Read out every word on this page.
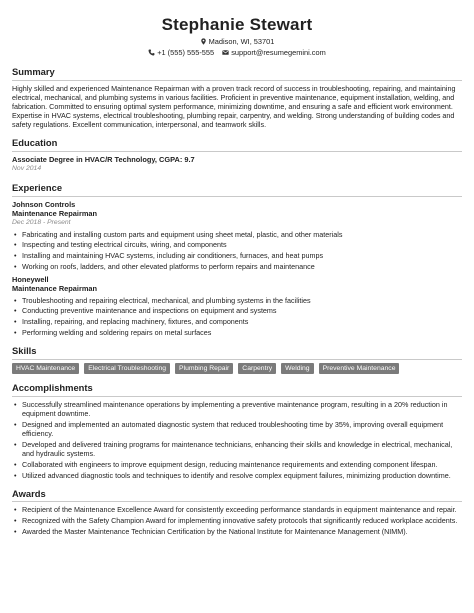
Stephanie Stewart
Madison, WI, 53701
+1 (555) 555-555 support@resumegemini.com
Summary
Highly skilled and experienced Maintenance Repairman with a proven track record of success in troubleshooting, repairing, and maintaining electrical, mechanical, and plumbing systems in various facilities. Proficient in preventive maintenance, equipment installation, welding, and fabrication. Committed to ensuring optimal system performance, minimizing downtime, and ensuring a safe and efficient work environment.
Expertise in HVAC systems, electrical troubleshooting, plumbing repair, carpentry, and welding. Strong understanding of building codes and safety regulations. Excellent communication, interpersonal, and teamwork skills.
Education
Associate Degree in HVAC/R Technology, CGPA: 9.7
Nov 2014
Experience
Johnson Controls
Maintenance Repairman
Dec 2018 - Present
• Fabricating and installing custom parts and equipment using sheet metal, plastic, and other materials
• Inspecting and testing electrical circuits, wiring, and components
• Installing and maintaining HVAC systems, including air conditioners, furnaces, and heat pumps
• Working on roofs, ladders, and other elevated platforms to perform repairs and maintenance
Honeywell
Maintenance Repairman
• Troubleshooting and repairing electrical, mechanical, and plumbing systems in the facilities
• Conducting preventive maintenance and inspections on equipment and systems
• Installing, repairing, and replacing machinery, fixtures, and components
• Performing welding and soldering repairs on metal surfaces
Skills
HVAC Maintenance	Electrical Troubleshooting	Plumbing Repair	Carpentry	Welding	Preventive Maintenance
Accomplishments
• Successfully streamlined maintenance operations by implementing a preventive maintenance program, resulting in a 20% reduction in equipment downtime.
• Designed and implemented an automated diagnostic system that reduced troubleshooting time by 35%, improving overall equipment efficiency.
• Developed and delivered training programs for maintenance technicians, enhancing their skills and knowledge in electrical, mechanical, and hydraulic systems.
• Collaborated with engineers to improve equipment design, reducing maintenance requirements and extending component lifespan.
• Utilized advanced diagnostic tools and techniques to identify and resolve complex equipment failures, minimizing production downtime.
Awards
• Recipient of the Maintenance Excellence Award for consistently exceeding performance standards in equipment maintenance and repair.
• Recognized with the Safety Champion Award for implementing innovative safety protocols that significantly reduced workplace accidents.
• Awarded the Master Maintenance Technician Certification by the National Institute for Maintenance Management (NIMM).
